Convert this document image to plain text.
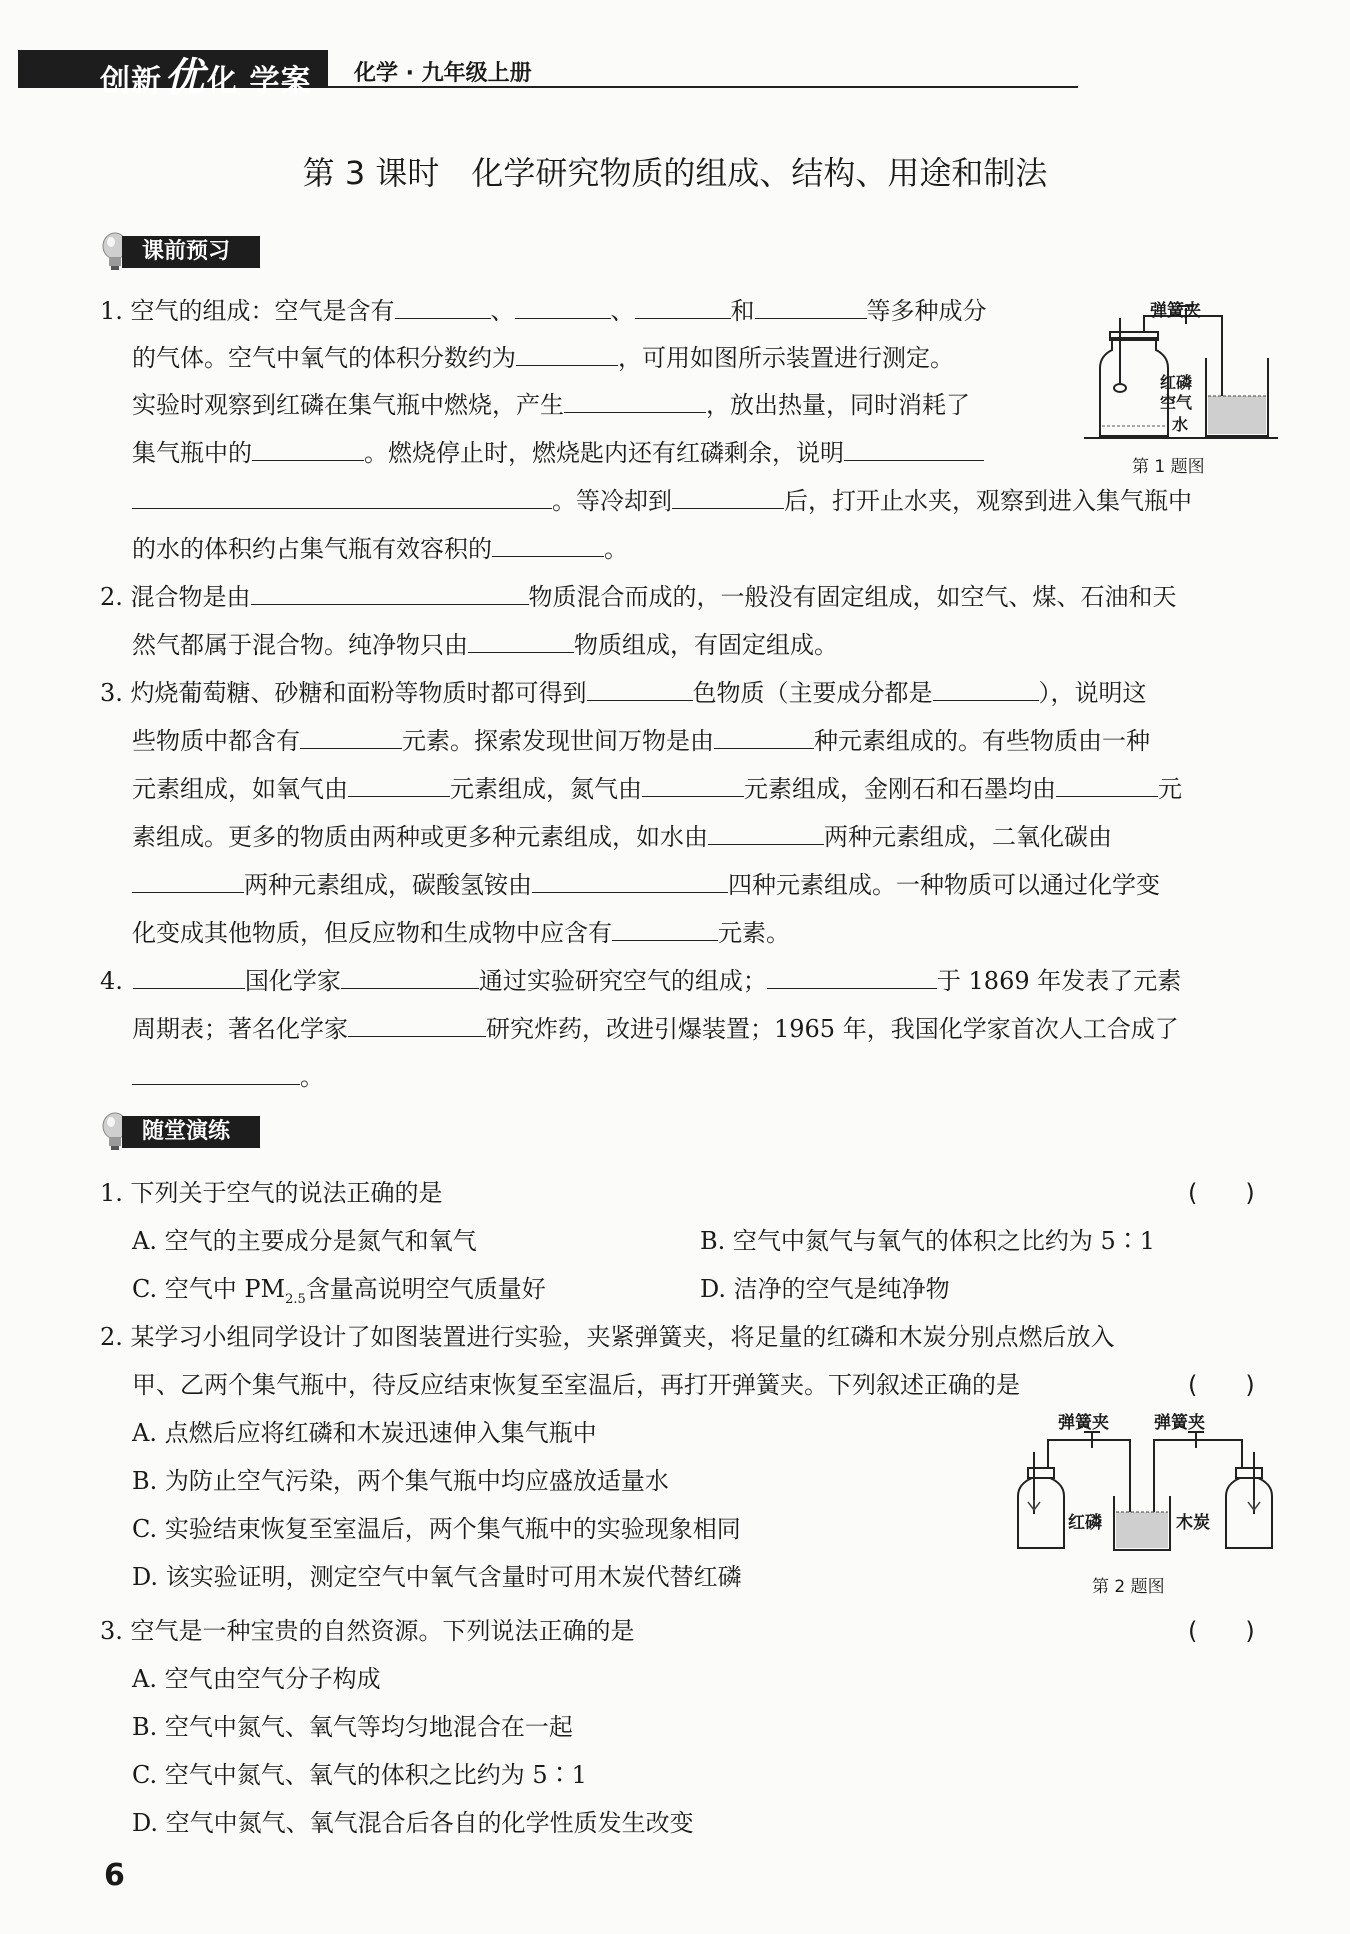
创新优化 学案 化学 · 九年级上册
第 3 课时　化学研究物质的组成、结构、用途和制法
课前预习
1. 空气的组成：空气是含有	、	、	和	等多种成分
的气体。空气中氧气的体积分数约为	，可用如图所示装置进行测定。
实验时观察到红磷在集气瓶中燃烧，产生	，放出热量，同时消耗了
集气瓶中的	。燃烧停止时，燃烧匙内还有红磷剩余，说明
。等冷却到	后，打开止水夹，观察到进入集气瓶中
的水的体积约占集气瓶有效容积的	。
弹簧夹
红磷
空气
水
第 1 题图
2. 混合物是由	物质混合而成的，一般没有固定组成，如空气、煤、石油和天
然气都属于混合物。纯净物只由	物质组成，有固定组成。
3. 灼烧葡萄糖、砂糖和面粉等物质时都可得到	色物质（主要成分都是	），说明这
些物质中都含有	元素。探索发现世间万物是由	种元素组成的。有些物质由一种
元素组成，如氧气由	元素组成，氮气由	元素组成，金刚石和石墨均由	元
素组成。更多的物质由两种或更多种元素组成，如水由	两种元素组成，二氧化碳由
两种元素组成，碳酸氢铵由	四种元素组成。一种物质可以通过化学变
化变成其他物质，但反应物和生成物中应含有	元素。
4.	国化学家	通过实验研究空气的组成；	于 1869 年发表了元素
周期表；著名化学家	研究炸药，改进引爆装置；1965 年，我国化学家首次人工合成了
。
随堂演练
1. 下列关于空气的说法正确的是	(　　)
A. 空气的主要成分是氮气和氧气	B. 空气中氮气与氧气的体积之比约为 5∶1
C. 空气中 $PM_{2.5}$含量高说明空气质量好	D. 洁净的空气是纯净物
2. 某学习小组同学设计了如图装置进行实验，夹紧弹簧夹，将足量的红磷和木炭分别点燃后放入
甲、乙两个集气瓶中，待反应结束恢复至室温后，再打开弹簧夹。下列叙述正确的是	(　　)
A. 点燃后应将红磷和木炭迅速伸入集气瓶中
B. 为防止空气污染，两个集气瓶中均应盛放适量水
C. 实验结束恢复至室温后，两个集气瓶中的实验现象相同
D. 该实验证明，测定空气中氧气含量时可用木炭代替红磷
弹簧夹	弹簧夹
红磷	木炭
第 2 题图
3. 空气是一种宝贵的自然资源。下列说法正确的是	(　　)
A. 空气由空气分子构成
B. 空气中氮气、氧气等均匀地混合在一起
C. 空气中氮气、氧气的体积之比约为 5∶1
D. 空气中氮气、氧气混合后各自的化学性质发生改变
6
